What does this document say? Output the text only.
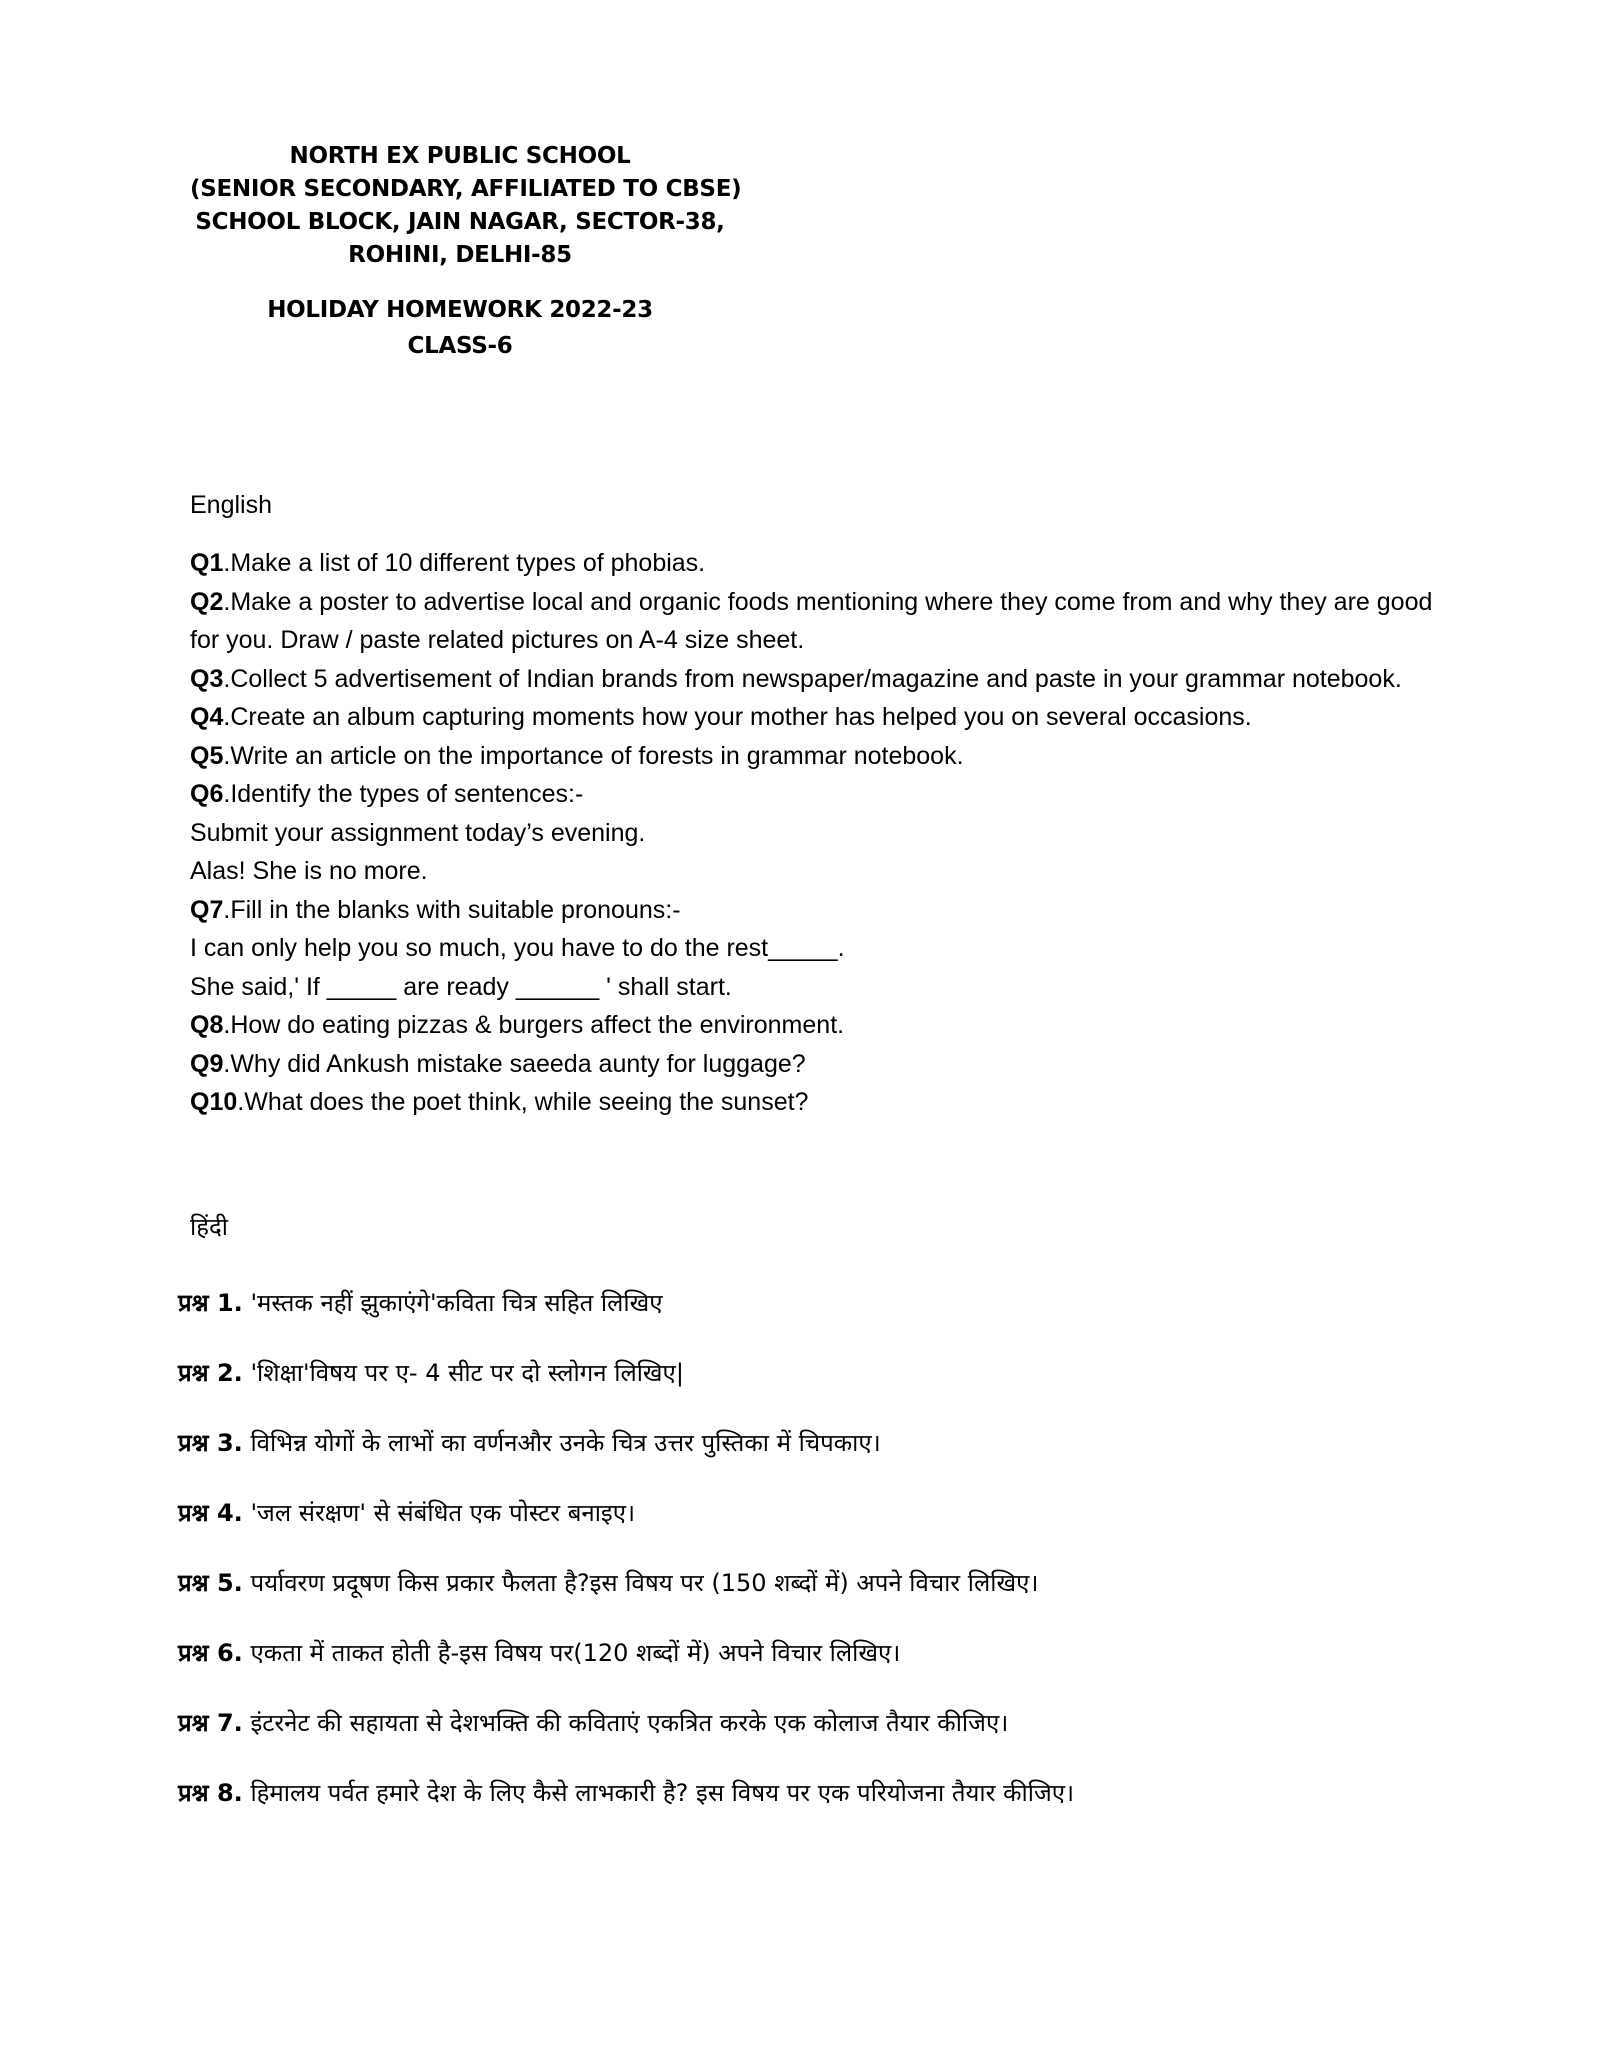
NORTH EX PUBLIC SCHOOL
(SENIOR SECONDARY, AFFILIATED TO CBSE)
SCHOOL BLOCK, JAIN NAGAR, SECTOR-38,
ROHINI, DELHI-85
HOLIDAY HOMEWORK 2022-23
CLASS-6
English
Q1.Make a list of 10 different types of phobias.
Q2.Make a poster to advertise local and organic foods mentioning where they come from and why they are good for you. Draw / paste related pictures on A-4 size sheet.
Q3.Collect 5 advertisement of Indian brands from newspaper/magazine and paste in your grammar notebook.
Q4.Create an album capturing moments how your mother has helped you on several occasions.
Q5.Write an article on the importance of forests in grammar notebook.
Q6.Identify the types of sentences:-
Submit your assignment today’s evening.
Alas! She is no more.
Q7.Fill in the blanks with suitable pronouns:-
I can only help you so much, you have to do the rest_____.
She said,' If _____ are ready ______ ' shall start.
Q8.How do eating pizzas & burgers affect the environment.
Q9.Why did Ankush mistake saeeda aunty for luggage?
Q10.What does the poet think, while seeing the sunset?
हिंदी
प्रश्न 1. 'मस्तक नहीं झुकाएंगे'कविता चित्र सहित लिखिए
प्रश्न 2. 'शिक्षा'विषय पर ए- 4 सीट पर दो स्लोगन लिखिए|
प्रश्न 3. विभिन्न योगों के लाभों का वर्णनऔर उनके चित्र उत्तर पुस्तिका में चिपकाए।
प्रश्न 4. 'जल संरक्षण' से संबंधित एक पोस्टर बनाइए।
प्रश्न 5. पर्यावरण प्रदूषण किस प्रकार फैलता है?इस विषय पर (150 शब्दों में) अपने विचार लिखिए।
प्रश्न 6. एकता में ताकत होती है-इस विषय पर(120 शब्दों में) अपने विचार लिखिए।
प्रश्न 7. इंटरनेट की सहायता से देशभक्ति की कविताएं एकत्रित करके एक कोलाज तैयार कीजिए।
प्रश्न 8. हिमालय पर्वत हमारे देश के लिए कैसे लाभकारी है? इस विषय पर एक परियोजना तैयार कीजिए।
